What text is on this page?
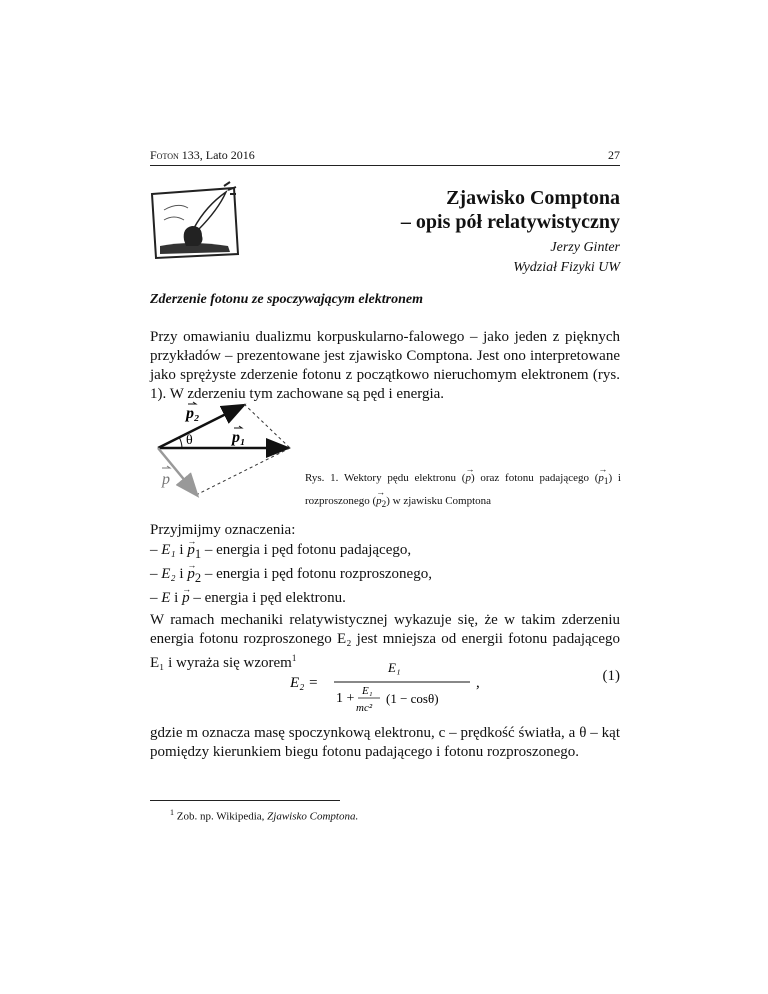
Foton 133, Lato 2016	27
Zjawisko Comptona
– opis pół relatywistyczny
Jerzy Ginter
Wydział Fizyki UW
Zderzenie fotonu ze spoczywającym elektronem
Przy omawianiu dualizmu korpuskularno-falowego – jako jeden z pięknych przykładów – prezentowane jest zjawisko Comptona. Jest ono interpretowane jako sprężyste zderzenie fotonu z początkowo nieruchomym elektronem (rys. 1). W zderzeniu tym zachowane są pęd i energia.
p₂
θ p₁
p	Rys. 1. Wektory pędu elektronu (→ p) oraz fotonu padającego (→ $p_1$) i rozproszonego (→ $p_2$) w zjawisku Comptona
Przyjmijmy oznaczenia:
– E₁ $i \to p_1$ – energia i pęd fotonu padającego,
– E₂ $i \to p_2$ – energia i pęd fotonu rozproszonego,
– E i → p – energia i pęd elektronu.
W ramach mechaniki relatywistycznej wykazuje się, że w takim zderzeniu energia fotonu rozproszonego E₂ jest mniejsza od energii fotonu padającego E₁ i wyraża się wzorem$^1$
E₂ =
E₁
1 + E₁
mc²
(1 − cosθ)
,	(1)
gdzie m oznacza masę spoczynkową elektronu, c – prędkość światła, a θ – kąt pomiędzy kierunkiem biegu fotonu padającego i fotonu rozproszonego.
$^1$ Zob. np. Wikipedia, Zjawisko Comptona.
